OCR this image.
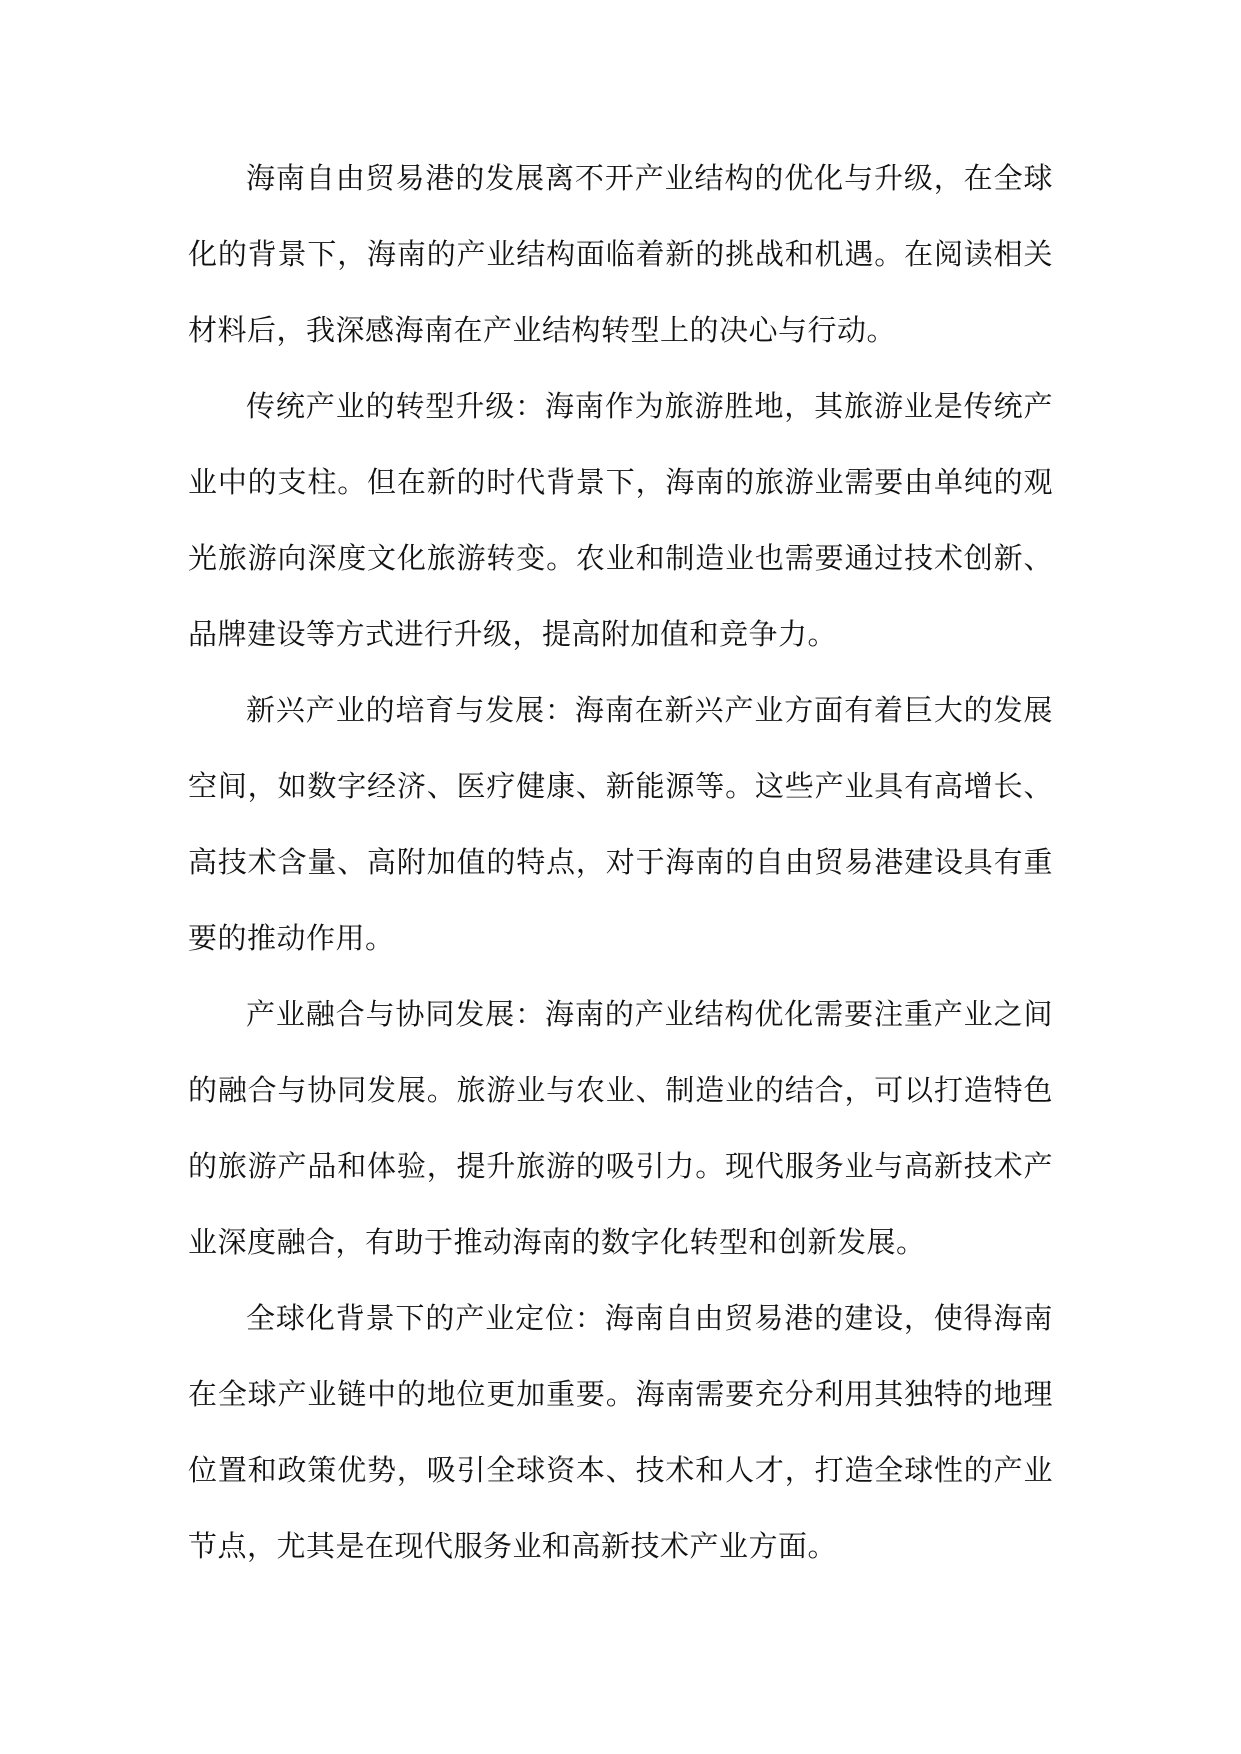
海南自由贸易港的发展离不开产业结构的优化与升级，在全球化的背景下，海南的产业结构面临着新的挑战和机遇。在阅读相关材料后，我深感海南在产业结构转型上的决心与行动。

传统产业的转型升级：海南作为旅游胜地，其旅游业是传统产业中的支柱。但在新的时代背景下，海南的旅游业需要由单纯的观光旅游向深度文化旅游转变。农业和制造业也需要通过技术创新、品牌建设等方式进行升级，提高附加值和竞争力。

新兴产业的培育与发展：海南在新兴产业方面有着巨大的发展空间，如数字经济、医疗健康、新能源等。这些产业具有高增长、高技术含量、高附加值的特点，对于海南的自由贸易港建设具有重要的推动作用。

产业融合与协同发展：海南的产业结构优化需要注重产业之间的融合与协同发展。旅游业与农业、制造业的结合，可以打造特色的旅游产品和体验，提升旅游的吸引力。现代服务业与高新技术产业深度融合，有助于推动海南的数字化转型和创新发展。

全球化背景下的产业定位：海南自由贸易港的建设，使得海南在全球产业链中的地位更加重要。海南需要充分利用其独特的地理位置和政策优势，吸引全球资本、技术和人才，打造全球性的产业节点，尤其是在现代服务业和高新技术产业方面。
